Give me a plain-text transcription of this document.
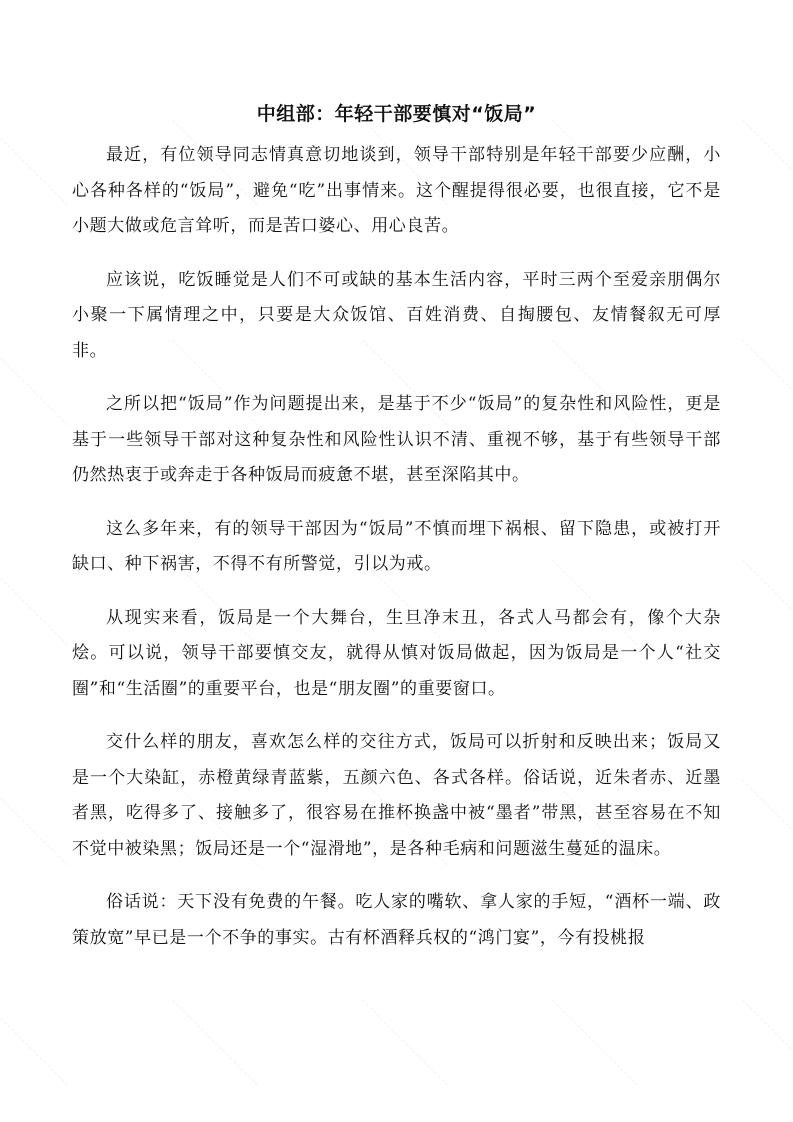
中组部：年轻干部要慎对“饭局”

最近，有位领导同志情真意切地谈到，领导干部特别是年轻干部要少应酬，小心各种各样的“饭局”，避免“吃”出事情来。这个醒提得很必要，也很直接，它不是小题大做或危言耸听，而是苦口婆心、用心良苦。

应该说，吃饭睡觉是人们不可或缺的基本生活内容，平时三两个至爱亲朋偶尔小聚一下属情理之中，只要是大众饭馆、百姓消费、自掏腰包、友情餐叙无可厚非。

之所以把“饭局”作为问题提出来，是基于不少“饭局”的复杂性和风险性，更是基于一些领导干部对这种复杂性和风险性认识不清、重视不够，基于有些领导干部仍然热衷于或奔走于各种饭局而疲惫不堪，甚至深陷其中。

这么多年来，有的领导干部因为“饭局”不慎而埋下祸根、留下隐患，或被打开缺口、种下祸害，不得不有所警觉，引以为戒。

从现实来看，饭局是一个大舞台，生旦净末丑，各式人马都会有，像个大杂烩。可以说，领导干部要慎交友，就得从慎对饭局做起，因为饭局是一个人“社交圈”和“生活圈”的重要平台，也是“朋友圈”的重要窗口。

交什么样的朋友，喜欢怎么样的交往方式，饭局可以折射和反映出来；饭局又是一个大染缸，赤橙黄绿青蓝紫，五颜六色、各式各样。俗话说，近朱者赤、近墨者黑，吃得多了、接触多了，很容易在推杯换盏中被“墨者”带黑，甚至容易在不知不觉中被染黑；饭局还是一个“湿滑地”，是各种毛病和问题滋生蔓延的温床。

俗话说：天下没有免费的午餐。吃人家的嘴软、拿人家的手短，“酒杯一端、政策放宽”早已是一个不争的事实。古有杯酒释兵权的“鸿门宴”，今有投桃报
